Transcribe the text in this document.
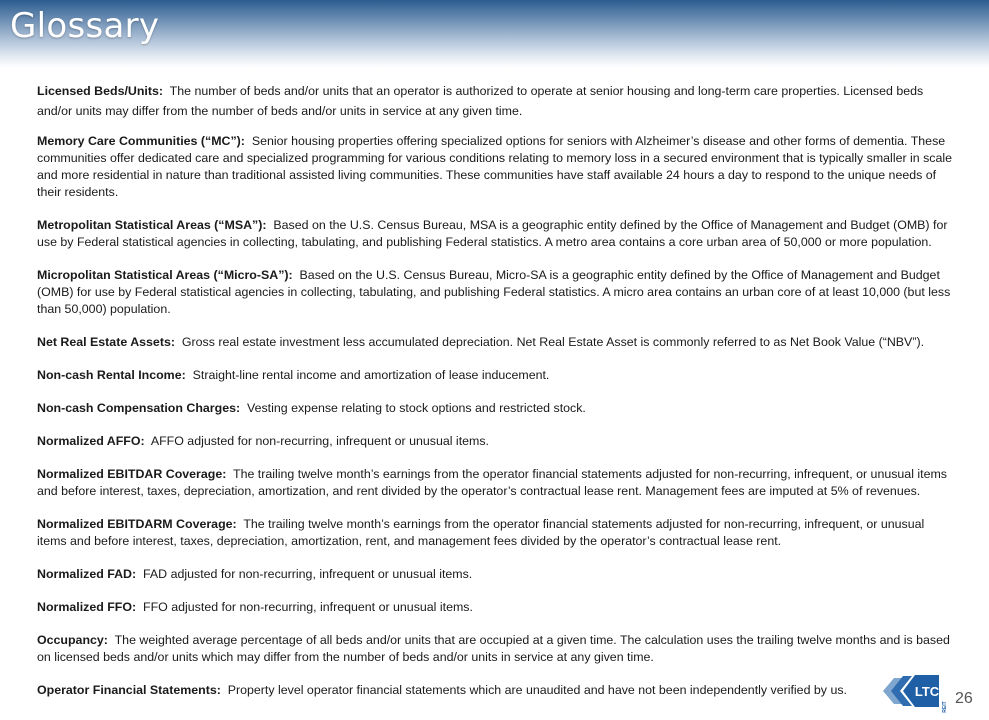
Glossary

Licensed Beds/Units: The number of beds and/or units that an operator is authorized to operate at senior housing and long-term care properties. Licensed beds and/or units may differ from the number of beds and/or units in service at any given time.

Memory Care Communities (“MC”): Senior housing properties offering specialized options for seniors with Alzheimer’s disease and other forms of dementia. These communities offer dedicated care and specialized programming for various conditions relating to memory loss in a secured environment that is typically smaller in scale and more residential in nature than traditional assisted living communities. These communities have staff available 24 hours a day to respond to the unique needs of their residents.

Metropolitan Statistical Areas (“MSA”): Based on the U.S. Census Bureau, MSA is a geographic entity defined by the Office of Management and Budget (OMB) for use by Federal statistical agencies in collecting, tabulating, and publishing Federal statistics. A metro area contains a core urban area of 50,000 or more population.

Micropolitan Statistical Areas (“Micro-SA”): Based on the U.S. Census Bureau, Micro-SA is a geographic entity defined by the Office of Management and Budget (OMB) for use by Federal statistical agencies in collecting, tabulating, and publishing Federal statistics. A micro area contains an urban core of at least 10,000 (but less than 50,000) population.

Net Real Estate Assets: Gross real estate investment less accumulated depreciation. Net Real Estate Asset is commonly referred to as Net Book Value (“NBV”).

Non-cash Rental Income: Straight-line rental income and amortization of lease inducement.

Non-cash Compensation Charges: Vesting expense relating to stock options and restricted stock.

Normalized AFFO: AFFO adjusted for non-recurring, infrequent or unusual items.

Normalized EBITDAR Coverage: The trailing twelve month’s earnings from the operator financial statements adjusted for non-recurring, infrequent, or unusual items and before interest, taxes, depreciation, amortization, and rent divided by the operator’s contractual lease rent. Management fees are imputed at 5% of revenues.

Normalized EBITDARM Coverage: The trailing twelve month’s earnings from the operator financial statements adjusted for non-recurring, infrequent, or unusual items and before interest, taxes, depreciation, amortization, rent, and management fees divided by the operator’s contractual lease rent.

Normalized FAD: FAD adjusted for non-recurring, infrequent or unusual items.

Normalized FFO: FFO adjusted for non-recurring, infrequent or unusual items.

Occupancy: The weighted average percentage of all beds and/or units that are occupied at a given time. The calculation uses the trailing twelve months and is based on licensed beds and/or units which may differ from the number of beds and/or units in service at any given time.

Operator Financial Statements: Property level operator financial statements which are unaudited and have not been independently verified by us.	LTC
REIT 26
